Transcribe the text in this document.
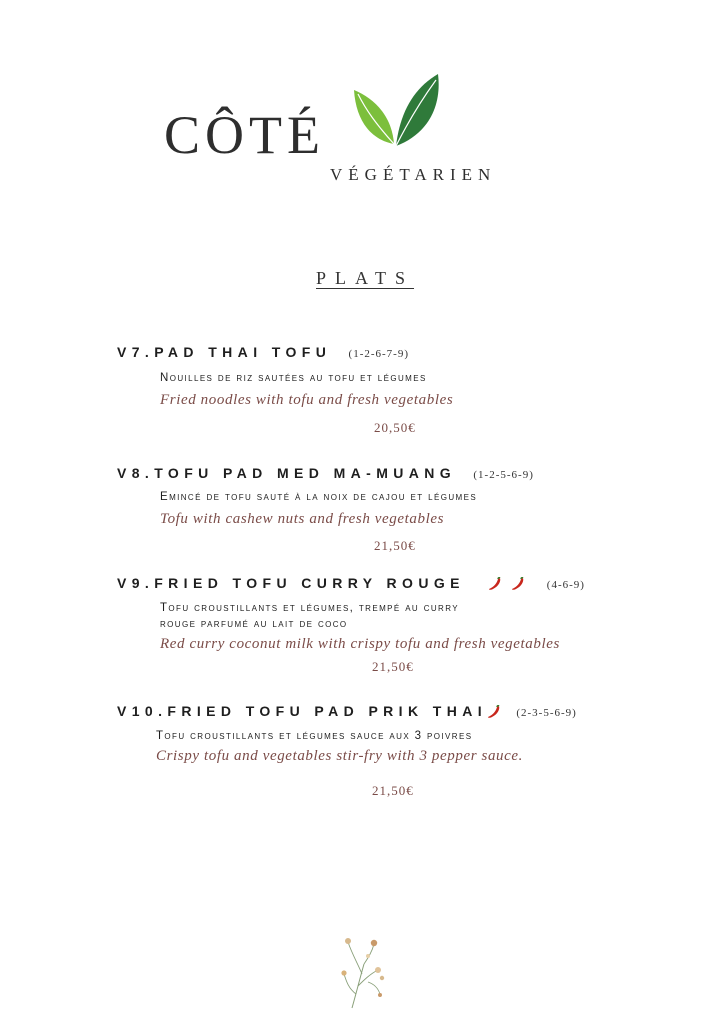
CÔTÉ
VÉGÉTARIEN
PLATS
V7.PAD THAI TOFU (1-2-6-7-9)
Nouilles de riz sautées au tofu et légumes
Fried noodles with tofu and fresh vegetables
20,50€
V8.TOFU PAD MED MA-MUANG (1-2-5-6-9)
Emincé de tofu sauté à la noix de cajou et légumes
Tofu with cashew nuts and fresh vegetables
21,50€
V9.FRIED TOFU CURRY ROUGE	(4-6-9)
Tofu croustillants et légumes, trempé au curry
rouge parfumé au lait de coco
Red curry coconut milk with crispy tofu and fresh vegetables
21,50€
V10.FRIED TOFU PAD PRIK THAI	(2-3-5-6-9)
Tofu croustillants et légumes sauce aux 3 poivres
Crispy tofu and vegetables stir-fry with 3 pepper sauce.
21,50€
